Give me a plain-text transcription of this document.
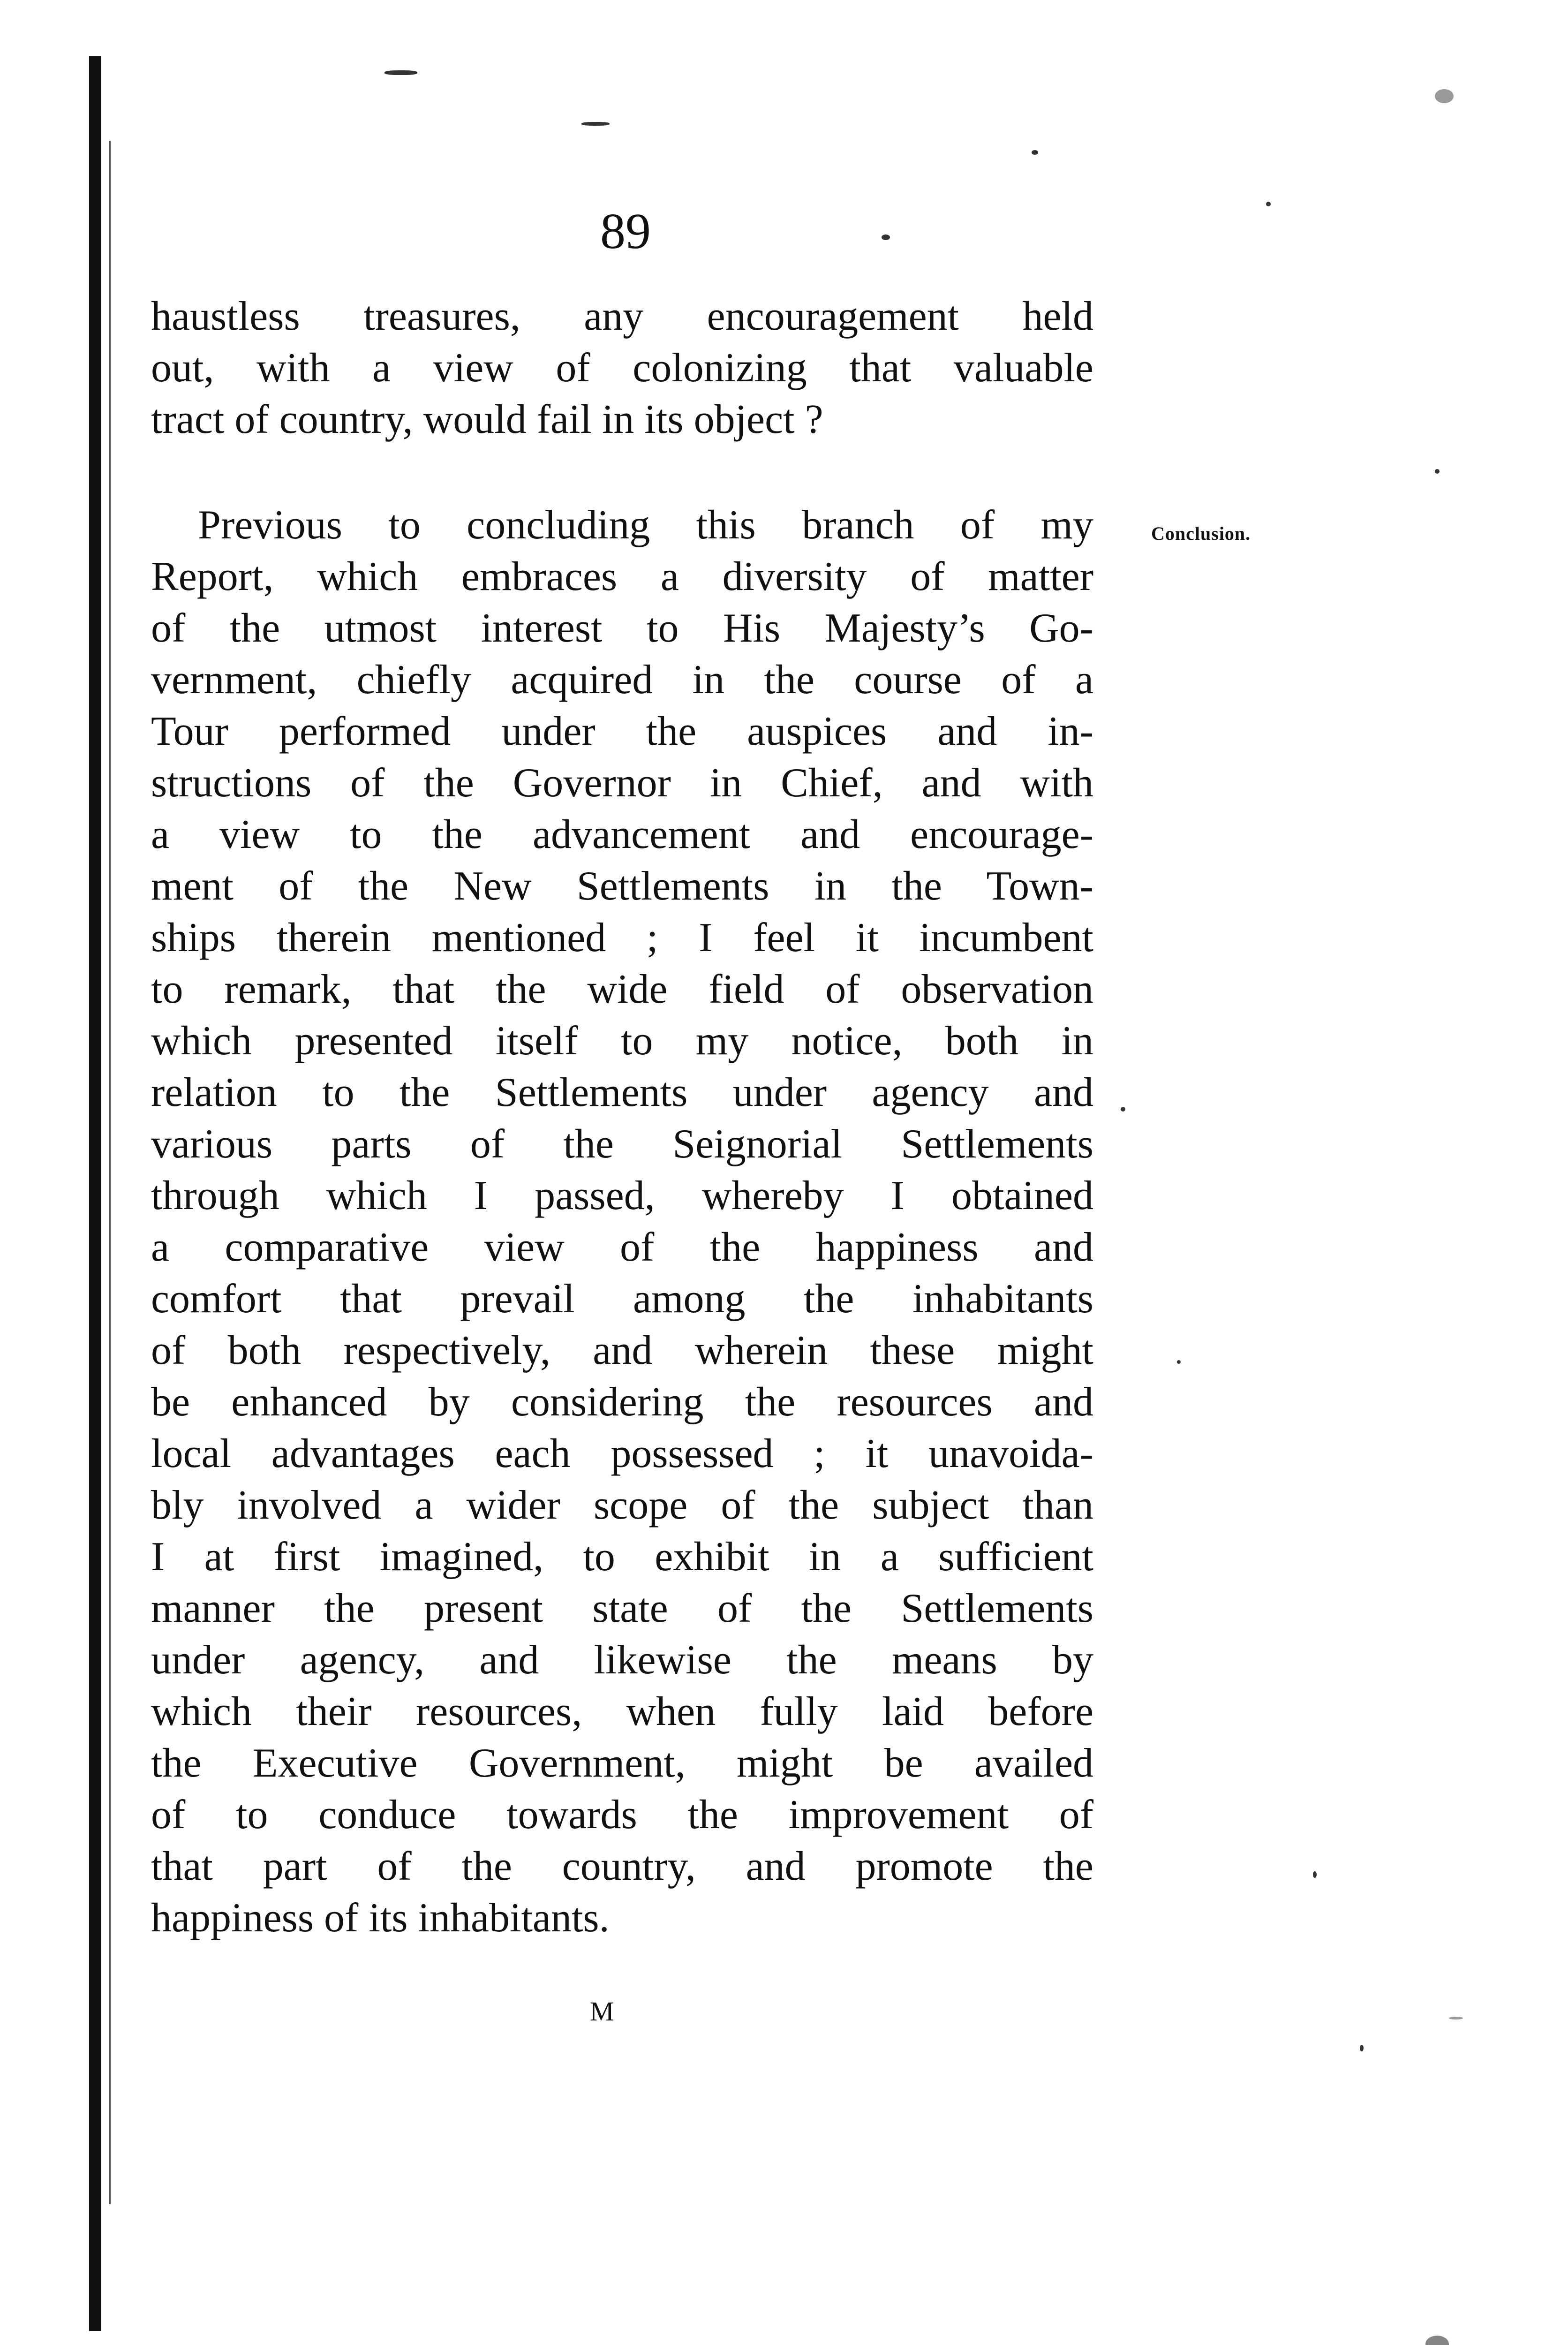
89
Conclusion.
haustless treasures, any encouragement held
out, with a view of colonizing that valuable
tract of country, would fail in its object ?
Previous to concluding this branch of my
Report, which embraces a diversity of matter
of the utmost interest to His Majesty’s Go-
vernment, chiefly acquired in the course of a
Tour performed under the auspices and in-
structions of the Governor in Chief, and with
a view to the advancement and encourage-
ment of the New Settlements in the Town-
ships therein mentioned ; I feel it incumbent
to remark, that the wide field of observation
which presented itself to my notice, both in
relation to the Settlements under agency and
various parts of the Seignorial Settlements
through which I passed, whereby I obtained
a comparative view of the happiness and
comfort that prevail among the inhabitants
of both respectively, and wherein these might
be enhanced by considering the resources and
local advantages each possessed ; it unavoida-
bly involved a wider scope of the subject than
I at first imagined, to exhibit in a sufficient
manner the present state of the Settlements
under agency, and likewise the means by
which their resources, when fully laid before
the Executive Government, might be availed
of to conduce towards the improvement of
that part of the country, and promote the
happiness of its inhabitants.
M
